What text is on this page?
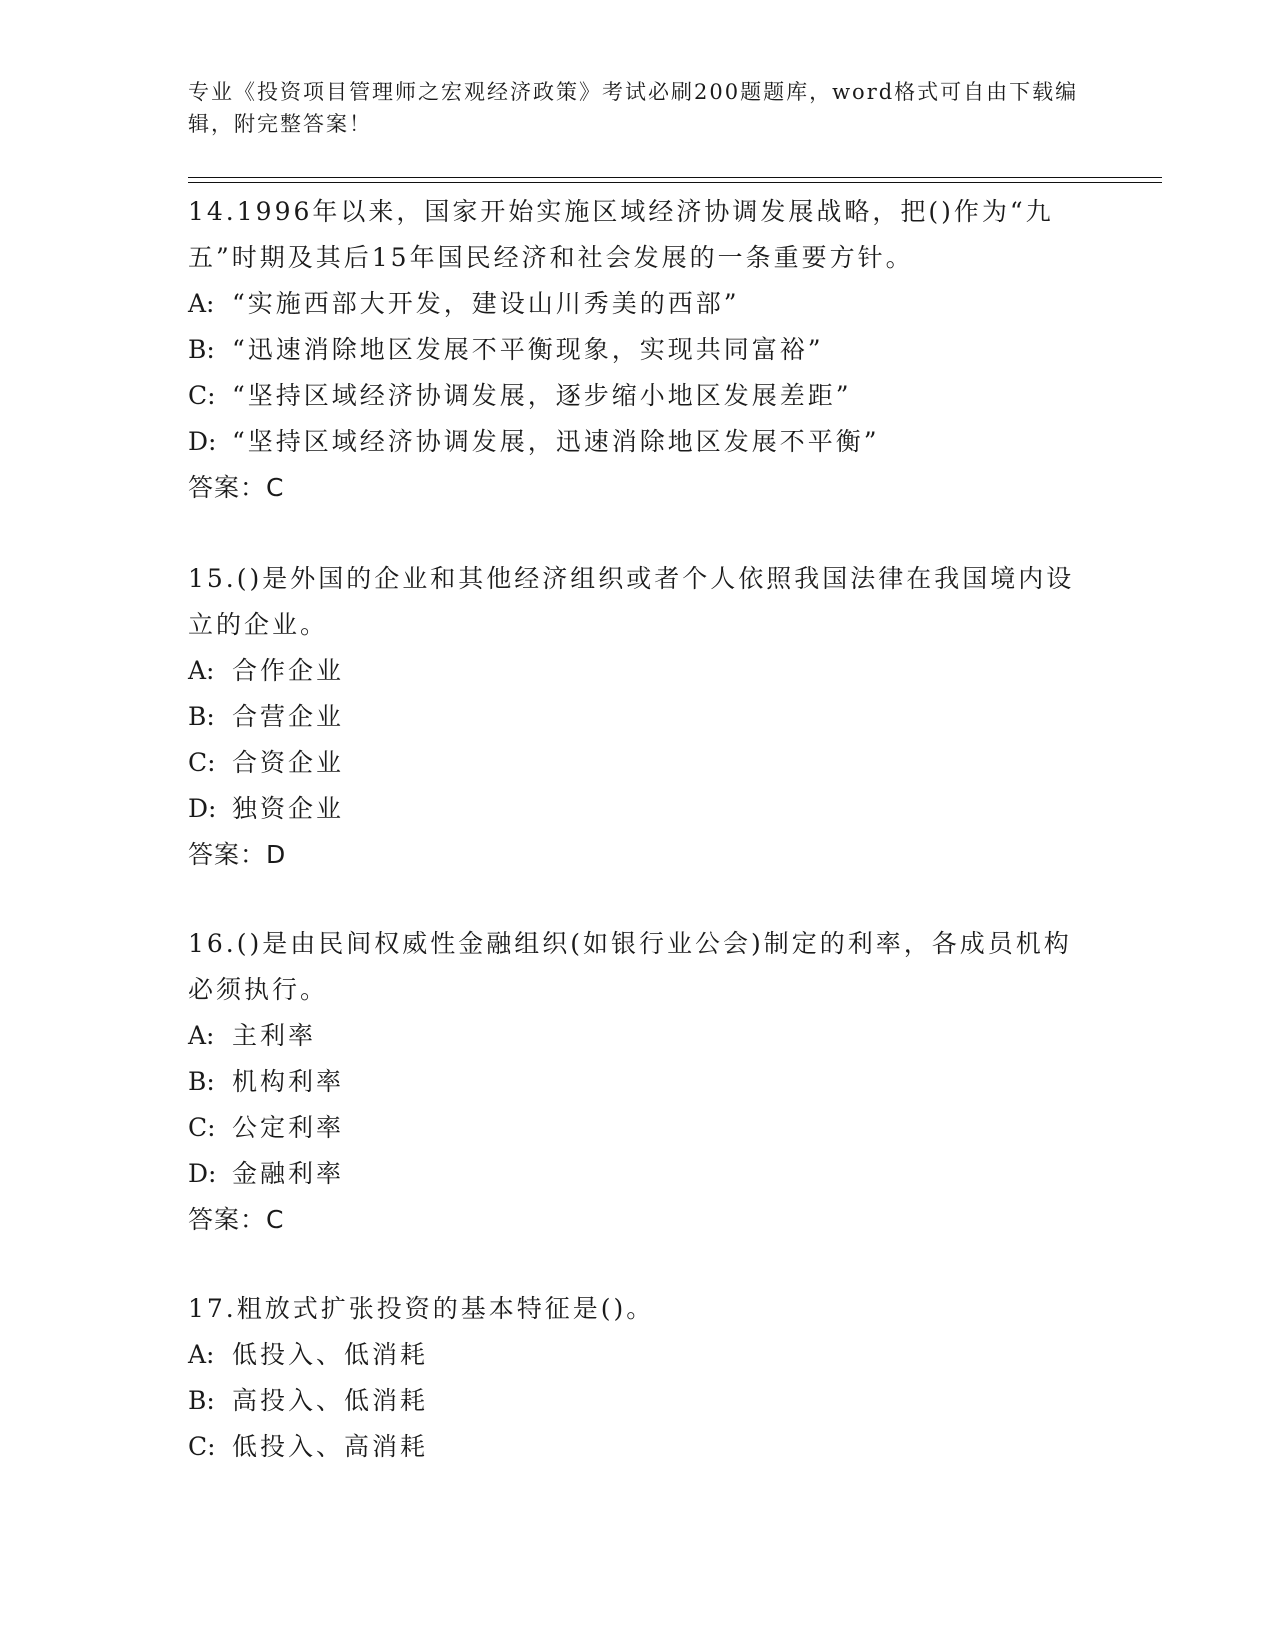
专业《投资项目管理师之宏观经济政策》考试必刷200题题库，word格式可自由下载编辑，附完整答案！
14.1996年以来，国家开始实施区域经济协调发展战略，把()作为“九五”时期及其后15年国民经济和社会发展的一条重要方针。
A: “实施西部大开发，建设山川秀美的西部”
B: “迅速消除地区发展不平衡现象，实现共同富裕”
C: “坚持区域经济协调发展，逐步缩小地区发展差距”
D: “坚持区域经济协调发展，迅速消除地区发展不平衡”
答案：C
15.()是外国的企业和其他经济组织或者个人依照我国法律在我国境内设立的企业。
A: 合作企业
B: 合营企业
C: 合资企业
D: 独资企业
答案：D
16.()是由民间权威性金融组织(如银行业公会)制定的利率，各成员机构必须执行。
A: 主利率
B: 机构利率
C: 公定利率
D: 金融利率
答案：C
17.粗放式扩张投资的基本特征是()。
A: 低投入、低消耗
B: 高投入、低消耗
C: 低投入、高消耗
